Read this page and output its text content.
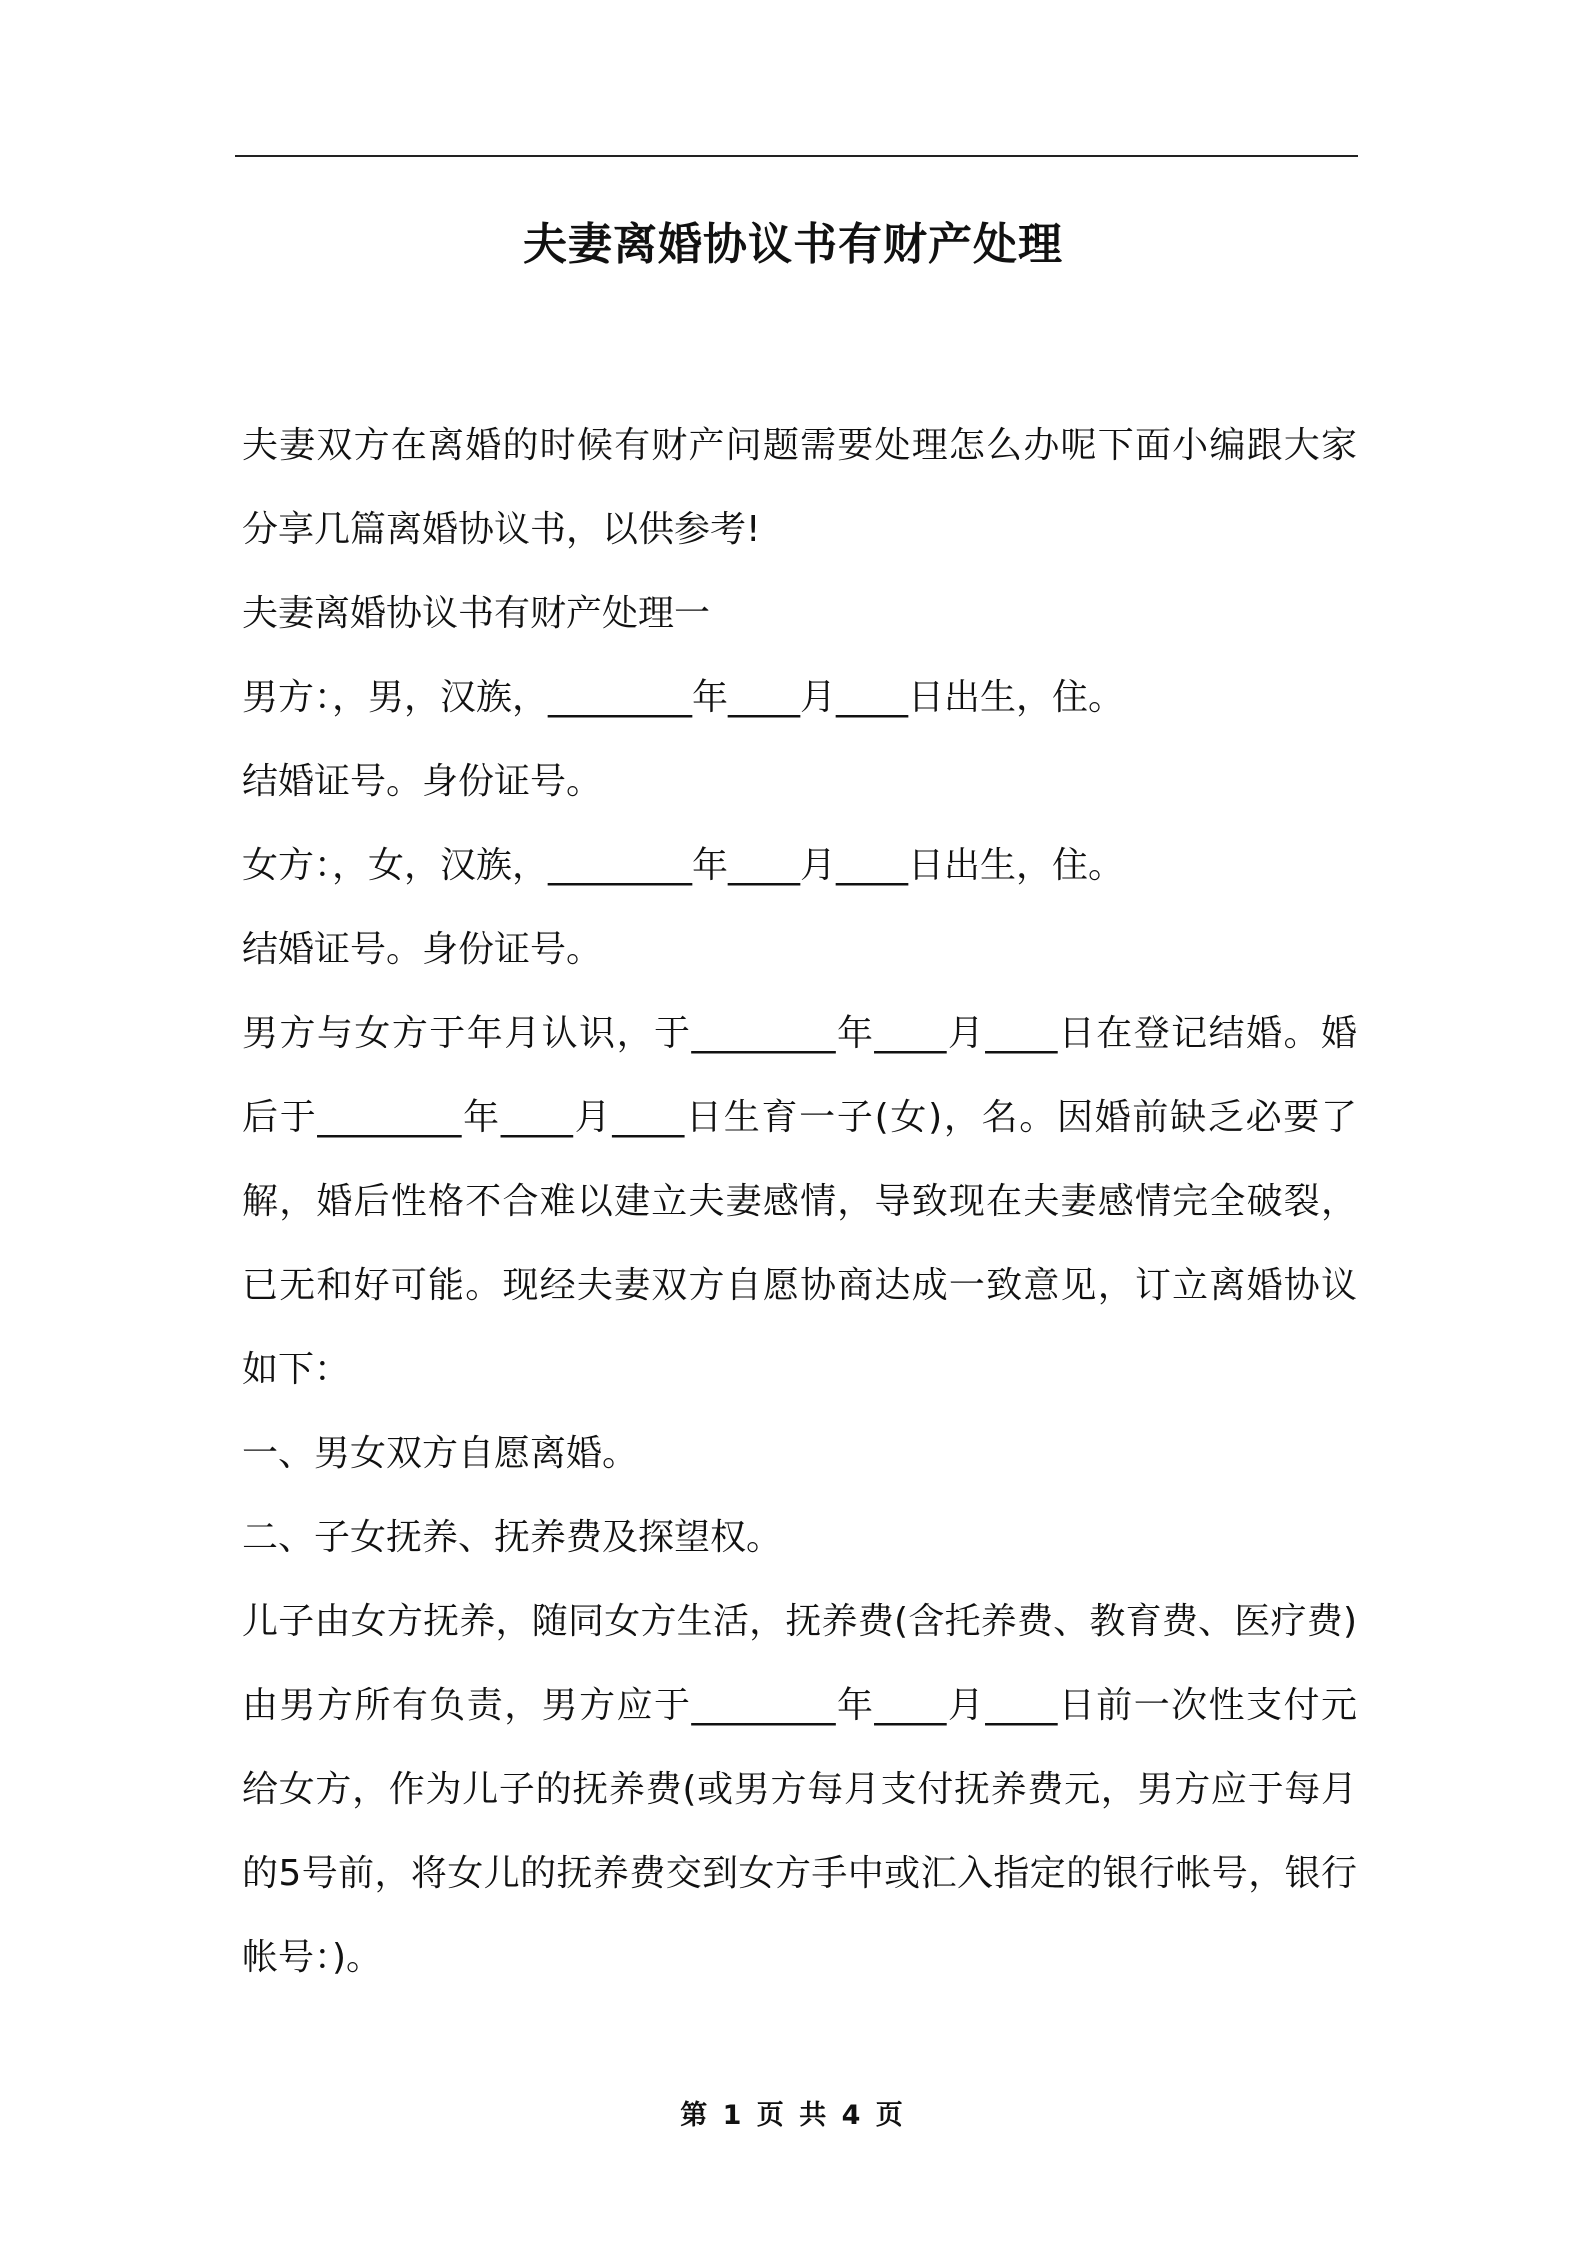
夫妻离婚协议书有财产处理

夫妻双方在离婚的时候有财产问题需要处理怎么办呢下面小编跟大家分享几篇离婚协议书，以供参考!

夫妻离婚协议书有财产处理一

男方：，男，汉族，________年____月____日出生，住。

结婚证号。身份证号。

女方：，女，汉族，________年____月____日出生，住。

结婚证号。身份证号。

男方与女方于年月认识，于________年____月____日在登记结婚。婚后于________年____月____日生育一子(女)，名。因婚前缺乏必要了解，婚后性格不合难以建立夫妻感情，导致现在夫妻感情完全破裂，已无和好可能。现经夫妻双方自愿协商达成一致意见，订立离婚协议如下：

一、男女双方自愿离婚。

二、子女抚养、抚养费及探望权。

儿子由女方抚养，随同女方生活，抚养费(含托养费、教育费、医疗费)由男方所有负责，男方应于________年____月____日前一次性支付元给女方，作为儿子的抚养费(或男方每月支付抚养费元，男方应于每月的5号前，将女儿的抚养费交到女方手中或汇入指定的银行帐号，银行帐号：)。

第 1 页 共 4 页
